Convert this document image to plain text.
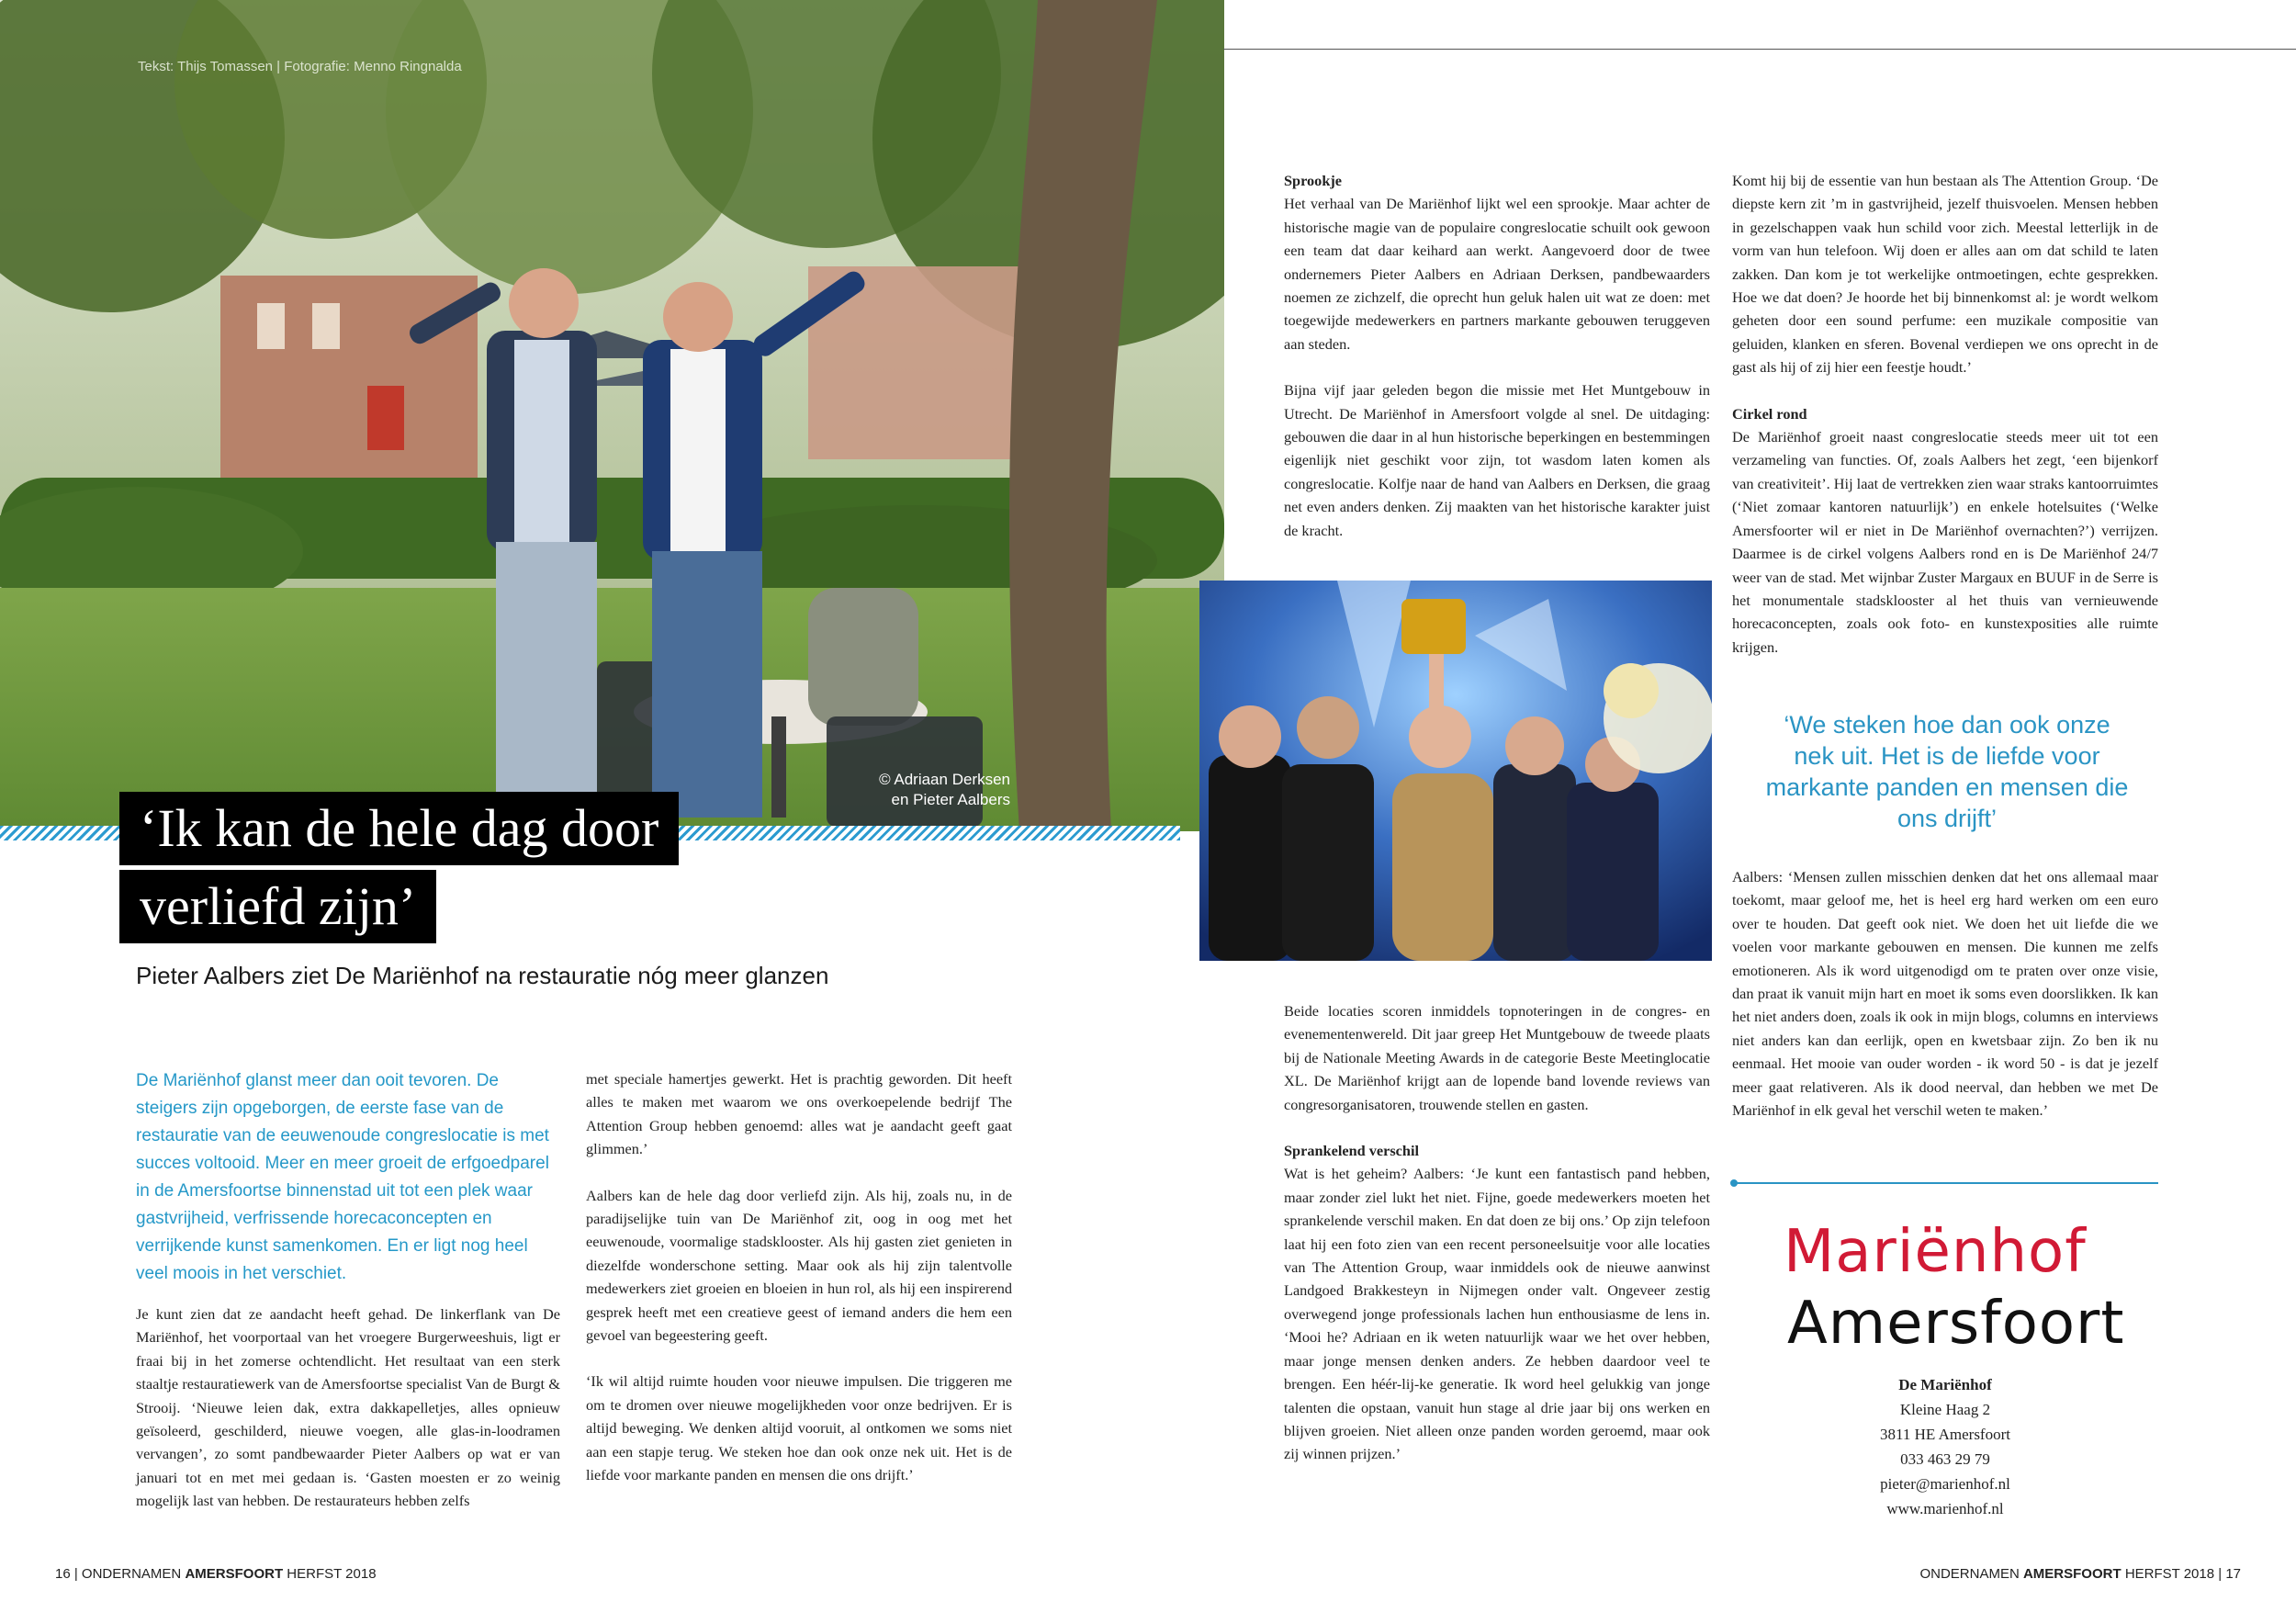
Tekst: Thijs Tomassen | Fotografie: Menno Ringnalda
© Adriaan Derksen
en Pieter Aalbers
‘Ik kan de hele dag door
verliefd zijn’
Pieter Aalbers ziet De Mariënhof na restauratie nóg meer glanzen
De Mariënhof glanst meer dan ooit tevoren. De steigers zijn opgeborgen, de eerste fase van de restauratie van de eeuwenoude congreslocatie is met succes voltooid. Meer en meer groeit de erfgoedparel in de Amersfoortse binnenstad uit tot een plek waar gastvrijheid, verfrissende horecaconcepten en verrijkende kunst samenkomen. En er ligt nog heel veel moois in het verschiet.

Je kunt zien dat ze aandacht heeft gehad. De linkerflank van De Mariënhof, het voorportaal van het vroegere Burgerweeshuis, ligt er fraai bij in het zomerse ochtendlicht. Het resultaat van een sterk staaltje restauratiewerk van de Amersfoortse specialist Van de Burgt & Strooij. ‘Nieuwe leien dak, extra dakkapelletjes, alles opnieuw geïsoleerd, geschilderd, nieuwe voegen, alle glas-in-loodramen vervangen’, zo somt pandbewaarder Pieter Aalbers op wat er van januari tot en met mei gedaan is. ‘Gasten moesten er zo weinig mogelijk last van hebben. De restaurateurs hebben zelfs

met speciale hamertjes gewerkt. Het is prachtig geworden. Dit heeft alles te maken met waarom we ons overkoepelende bedrijf The Attention Group hebben genoemd: alles wat je aandacht geeft gaat glimmen.’

Aalbers kan de hele dag door verliefd zijn. Als hij, zoals nu, in de paradijselijke tuin van De Mariënhof zit, oog in oog met het eeuwenoude, voormalige stadsklooster. Als hij gasten ziet genieten in diezelfde wonderschone setting. Maar ook als hij zijn talentvolle medewerkers ziet groeien en bloeien in hun rol, als hij een inspirerend gesprek heeft met een creatieve geest of iemand anders die hem een gevoel van begeestering geeft.

‘Ik wil altijd ruimte houden voor nieuwe impulsen. Die triggeren me om te dromen over nieuwe mogelijkheden voor onze bedrijven. Er is altijd beweging. We denken altijd vooruit, al ontkomen we soms niet aan een stapje terug. We steken hoe dan ook onze nek uit. Het is de liefde voor markante panden en mensen die ons drijft.’

16 | ONDERNAMEN AMERSFOORT HERFST 2018
Sprookje

Het verhaal van De Mariënhof lijkt wel een sprookje. Maar achter de historische magie van de populaire congreslocatie schuilt ook gewoon een team dat daar keihard aan werkt. Aangevoerd door de twee ondernemers Pieter Aalbers en Adriaan Derksen, pandbewaarders noemen ze zichzelf, die oprecht hun geluk halen uit wat ze doen: met toegewijde medewerkers en partners markante gebouwen teruggeven aan steden.

Bijna vijf jaar geleden begon die missie met Het Muntgebouw in Utrecht. De Mariënhof in Amersfoort volgde al snel. De uitdaging: gebouwen die daar in al hun historische beperkingen en bestemmingen eigenlijk niet geschikt voor zijn, tot wasdom laten komen als congreslocatie. Kolfje naar de hand van Aalbers en Derksen, die graag net even anders denken. Zij maakten van het historische karakter juist de kracht.

Beide locaties scoren inmiddels topnoteringen in de congres- en evenementenwereld. Dit jaar greep Het Muntgebouw de tweede plaats bij de Nationale Meeting Awards in de categorie Beste Meetinglocatie XL. De Mariënhof krijgt aan de lopende band lovende reviews van congresorganisatoren, trouwende stellen en gasten.

Sprankelend verschil

Wat is het geheim? Aalbers: ‘Je kunt een fantastisch pand hebben, maar zonder ziel lukt het niet. Fijne, goede medewerkers moeten het sprankelende verschil maken. En dat doen ze bij ons.’ Op zijn telefoon laat hij een foto zien van een recent personeelsuitje voor alle locaties van The Attention Group, waar inmiddels ook de nieuwe aanwinst Landgoed Brakkesteyn in Nijmegen onder valt. Ongeveer zestig overwegend jonge professionals lachen hun enthousiasme de lens in. ‘Mooi he? Adriaan en ik weten natuurlijk waar we het over hebben, maar jonge mensen denken anders. Ze hebben daardoor veel te brengen. Een héér-lij-ke generatie. Ik word heel gelukkig van jonge talenten die opstaan, vanuit hun stage al drie jaar bij ons werken en blijven groeien. Niet alleen onze panden worden geroemd, maar ook zij winnen prijzen.’

Komt hij bij de essentie van hun bestaan als The Attention Group. ‘De diepste kern zit ’m in gastvrijheid, jezelf thuisvoelen. Mensen hebben in gezelschappen vaak hun schild voor zich. Meestal letterlijk in de vorm van hun telefoon. Wij doen er alles aan om dat schild te laten zakken. Dan kom je tot werkelijke ontmoetingen, echte gesprekken. Hoe we dat doen? Je hoorde het bij binnenkomst al: je wordt welkom geheten door een sound perfume: een muzikale compositie van geluiden, klanken en sferen. Bovenal verdiepen we ons oprecht in de gast als hij of zij hier een feestje houdt.’

Cirkel rond

De Mariënhof groeit naast congreslocatie steeds meer uit tot een verzameling van functies. Of, zoals Aalbers het zegt, ‘een bijenkorf van creativiteit’. Hij laat de vertrekken zien waar straks kantoorruimtes (‘Niet zomaar kantoren natuurlijk’) en enkele hotelsuites (‘Welke Amersfoorter wil er niet in De Mariënhof overnachten?’) verrijzen. Daarmee is de cirkel volgens Aalbers rond en is De Mariënhof 24/7 weer van de stad. Met wijnbar Zuster Margaux en BUUF in de Serre is het monumentale stadsklooster al het thuis van vernieuwende horecaconcepten, zoals ook foto- en kunstexposities alle ruimte krijgen.

‘We steken hoe dan ook onze nek uit. Het is de liefde voor markante panden en mensen die ons drijft’

Aalbers: ‘Mensen zullen misschien denken dat het ons allemaal maar toekomt, maar geloof me, het is heel erg hard werken om een euro over te houden. Dat geeft ook niet. We doen het uit liefde die we voelen voor markante gebouwen en mensen. Die kunnen me zelfs emotioneren. Als ik word uitgenodigd om te praten over onze visie, dan praat ik vanuit mijn hart en moet ik soms even doorslikken. Ik kan het niet anders doen, zoals ik ook in mijn blogs, columns en interviews niet anders kan dan eerlijk, open en kwetsbaar zijn. Zo ben ik nu eenmaal. Het mooie van ouder worden - ik word 50 - is dat je jezelf meer gaat relativeren. Als ik dood neerval, dan hebben we met De Mariënhof in elk geval het verschil weten te maken.’

Mariënhof
Amersfoort
De Mariënhof
Kleine Haag 2
3811 HE Amersfoort
033 463 29 79
pieter@marienhof.nl
www.marienhof.nl
ONDERNAMEN AMERSFOORT HERFST 2018 | 17
